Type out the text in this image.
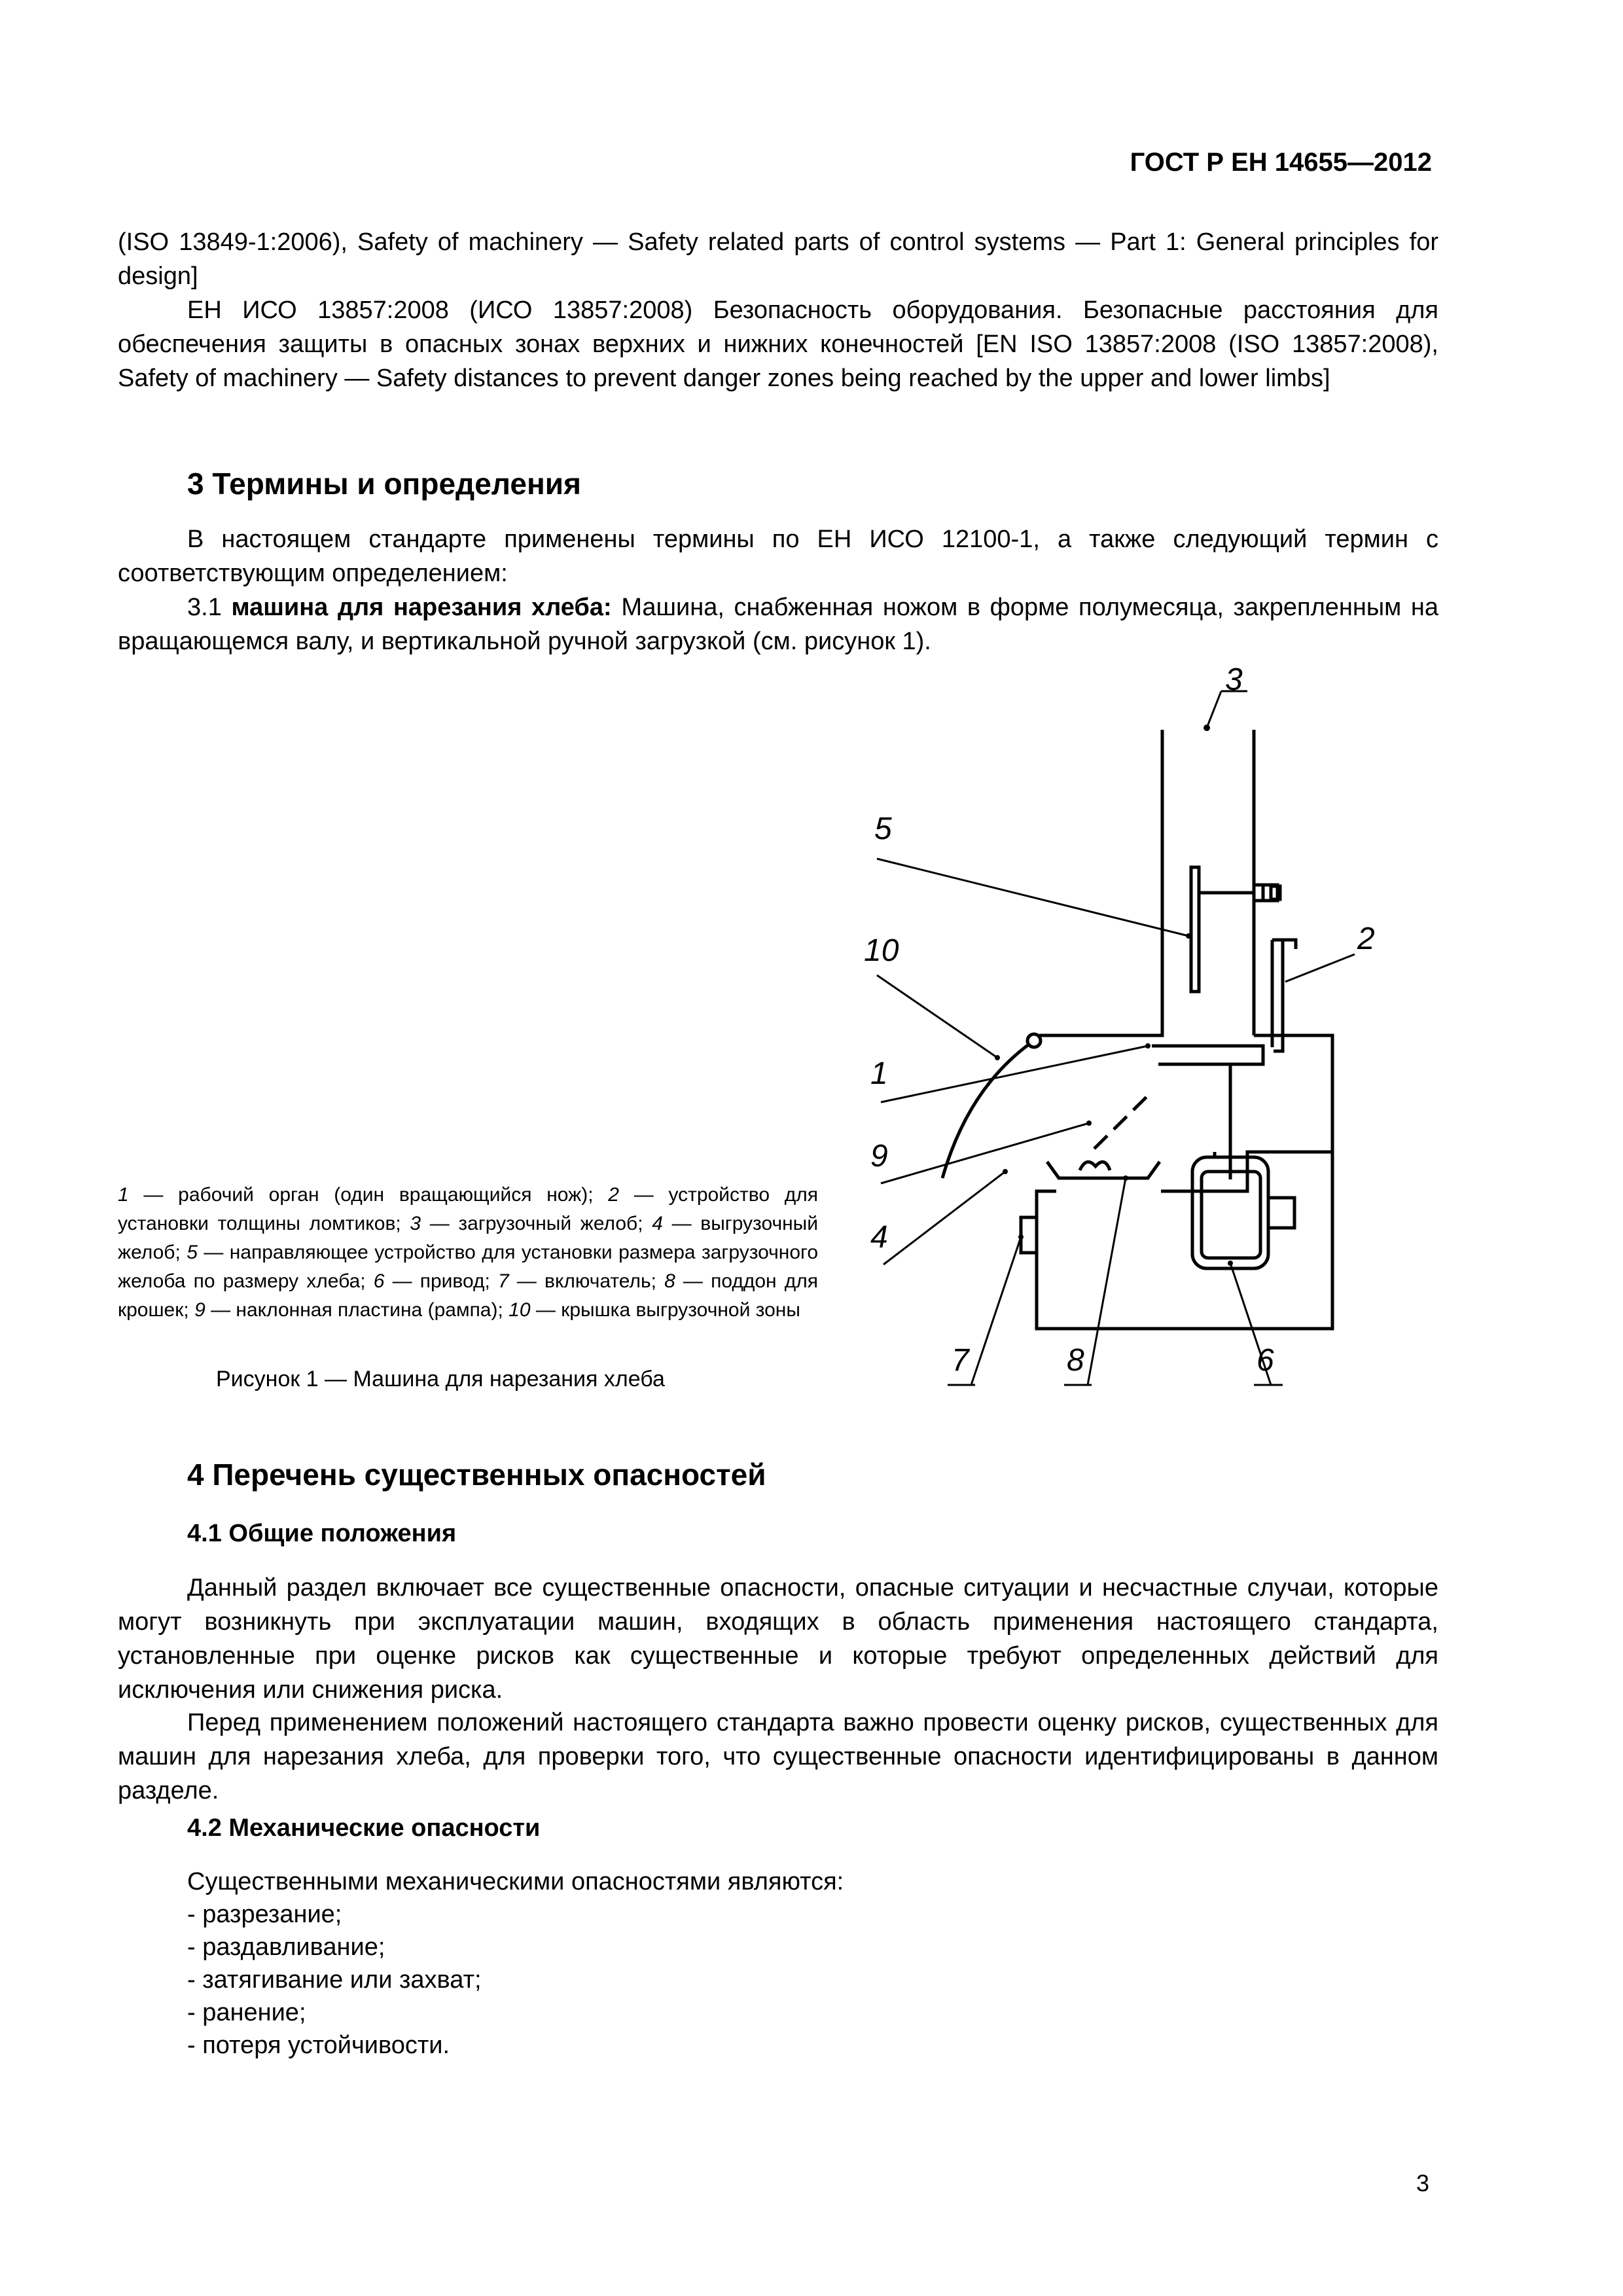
ГОСТ Р ЕН 14655—2012

(ISO 13849-1:2006), Safety of machinery — Safety related parts of control systems — Part 1: General principles for design]

ЕН ИСО 13857:2008 (ИСО 13857:2008) Безопасность оборудования. Безопасные расстояния для обеспечения защиты в опасных зонах верхних и нижних конечностей [EN ISO 13857:2008 (ISO 13857:2008), Safety of machinery — Safety distances to prevent danger zones being reached by the upper and lower limbs]

3 Термины и определения

В настоящем стандарте применены термины по ЕН ИСО 12100-1, а также следующий термин с соответствующим определением:

3.1 машина для нарезания хлеба: Машина, снабженная ножом в форме полумесяца, закрепленным на вращающемся валу, и вертикальной ручной загрузкой (см. рисунок 1).

3
5
2
10
1
9
4
7	8	6

1 — рабочий орган (один вращающийся нож); 2 — устройство для установки толщины ломтиков; 3 — загрузочный желоб; 4 — выгрузочный желоб; 5 — направляющее устройство для установки размера загрузочного желоба по размеру хлеба; 6 — привод; 7 — включатель; 8 — поддон для крошек; 9 — наклонная пластина (рампа); 10 — крышка выгрузочной зоны

Рисунок 1 — Машина для нарезания хлеба

4 Перечень существенных опасностей

4.1 Общие положения

Данный раздел включает все существенные опасности, опасные ситуации и несчастные случаи, которые могут возникнуть при эксплуатации машин, входящих в область применения настоящего стандарта, установленные при оценке рисков как существенные и которые требуют определенных действий для исключения или снижения риска.

Перед применением положений настоящего стандарта важно провести оценку рисков, существенных для машин для нарезания хлеба, для проверки того, что существенные опасности идентифицированы в данном разделе.

4.2 Механические опасности

Существенными механическими опасностями являются:
- разрезание;
- раздавливание;
- затягивание или захват;
- ранение;
- потеря устойчивости.

3
